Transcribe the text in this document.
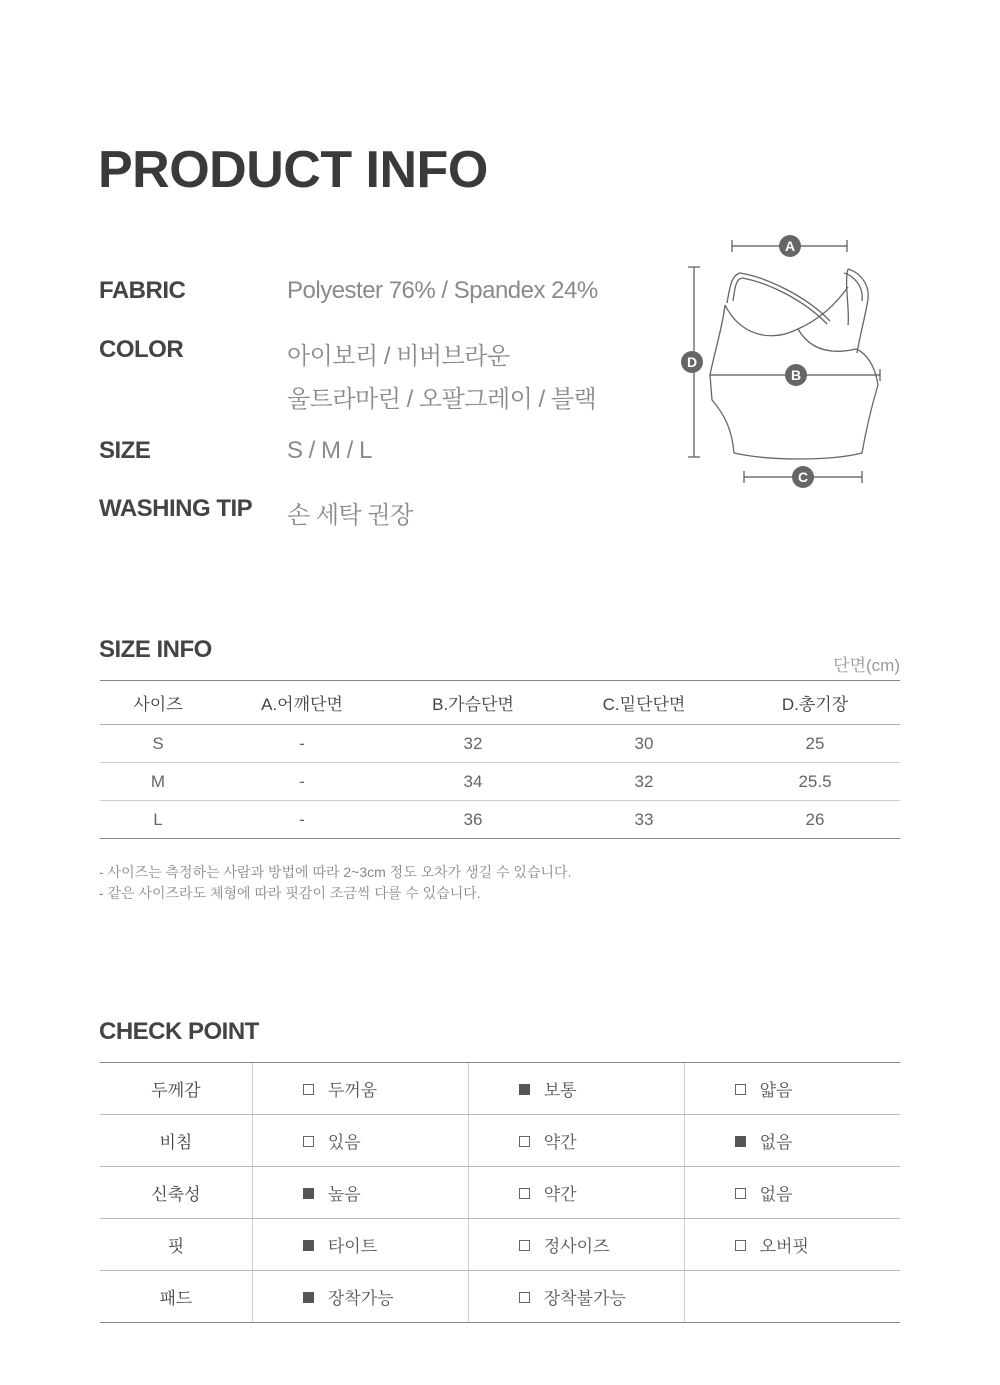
PRODUCT INFO
FABRIC	Polyester 76% / Spandex 24%
COLOR	아이보리 / 비버브라운
울트라마린 / 오팔그레이 / 블랙
SIZE	S / M / L
WASHING TIP 손 세탁 권장
A
B
C
D
SIZE INFO
단면(cm)
사이즈	A.어깨단면	B.가슴단면	C.밑단단면	D.총기장
S	-	32	30	25
M	-	34	32	25.5
L	-	36	33	26
- 사이즈는 측정하는 사람과 방법에 따라 2~3cm 정도 오차가 생길 수 있습니다.
- 같은 사이즈라도 체형에 따라 핏감이 조금씩 다를 수 있습니다.
CHECK POINT
두께감	두꺼움	보통	얇음
비침	있음	약간	없음
신축성	높음	약간	없음
핏	타이트	정사이즈	오버핏
패드	장착가능	장착불가능	
